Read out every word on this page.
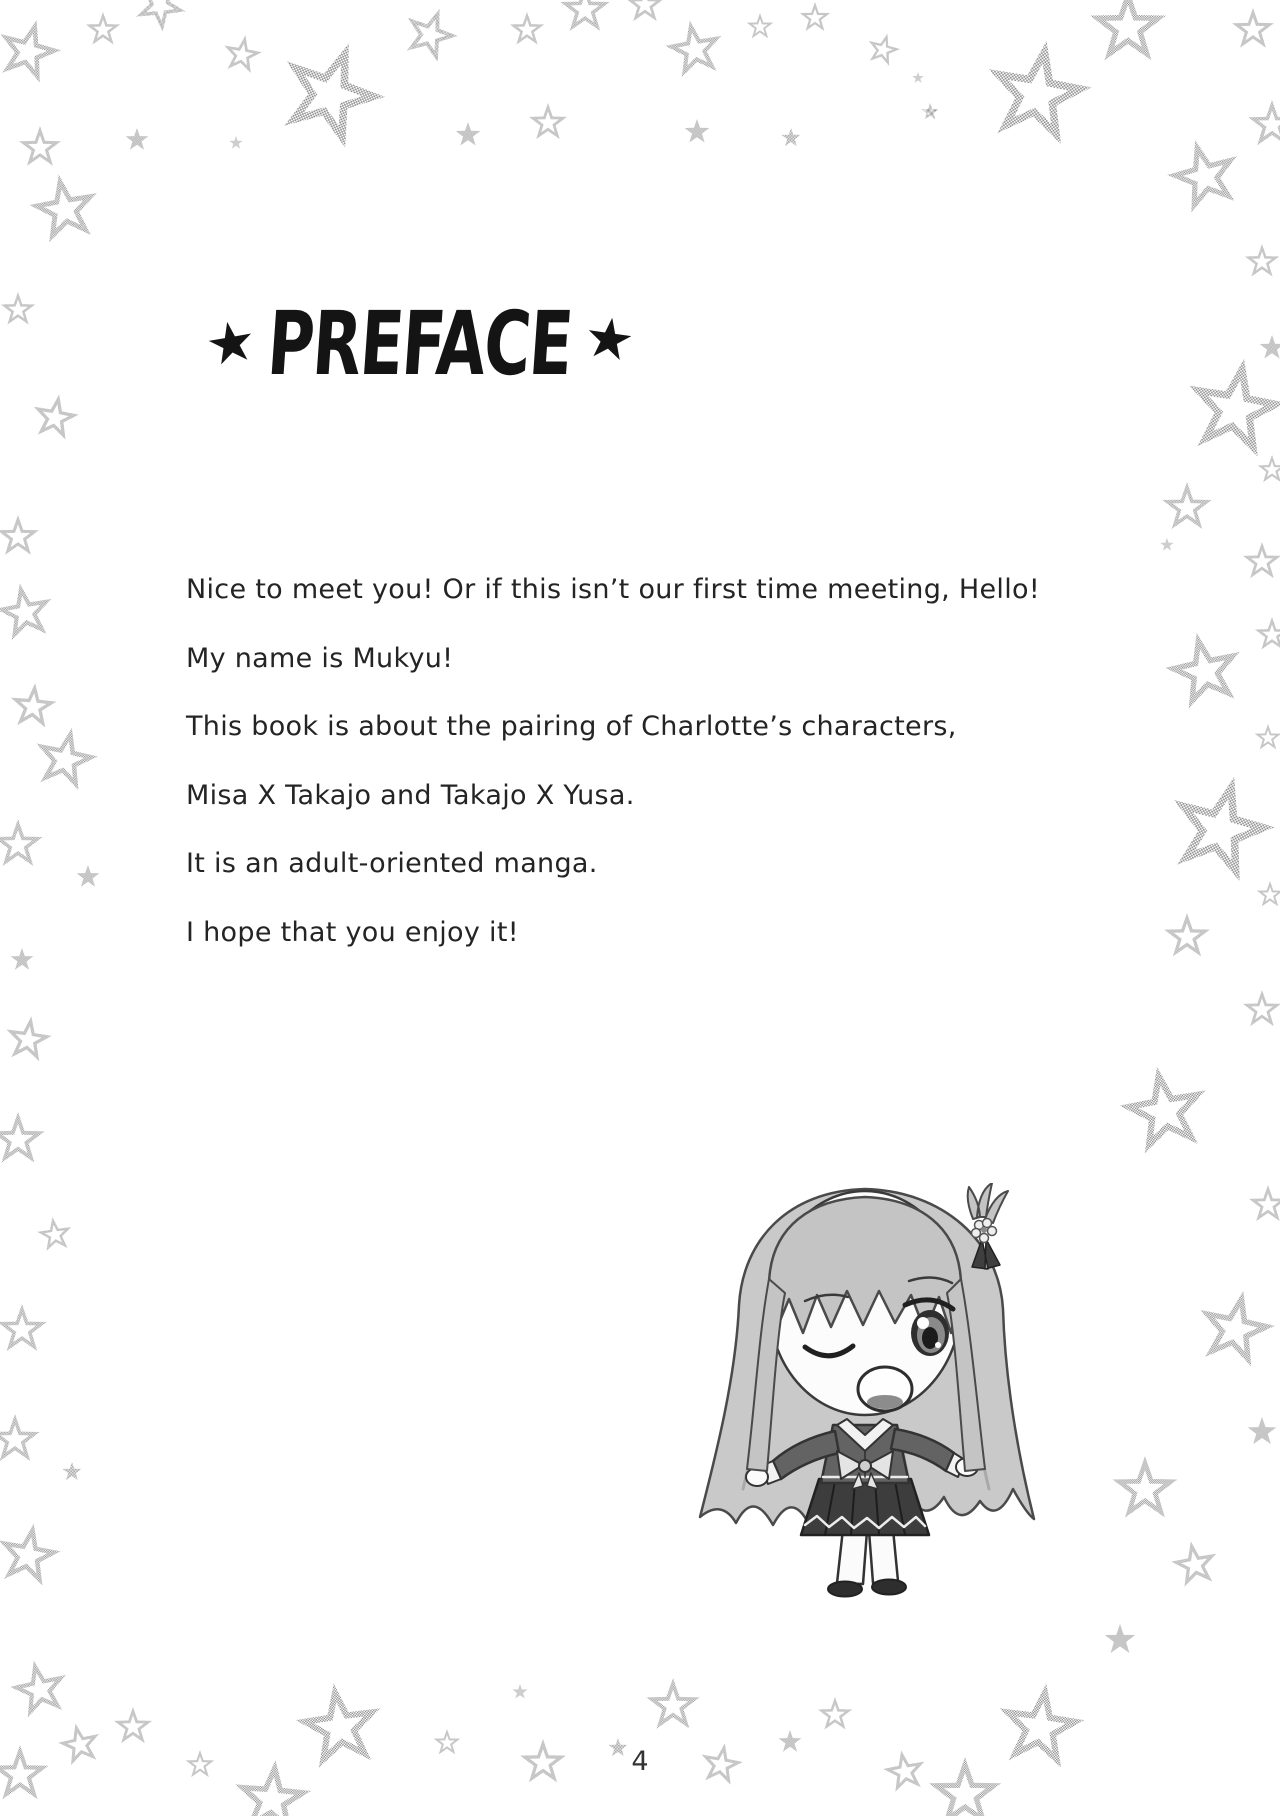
★ PREFACE ★

Nice to meet you! Or if this isn’t our first time meeting, Hello!

My name is Mukyu!

This book is about the pairing of Charlotte’s characters,

Misa X Takajo and Takajo X Yusa.

It is an adult-oriented manga.

I hope that you enjoy it!

4
